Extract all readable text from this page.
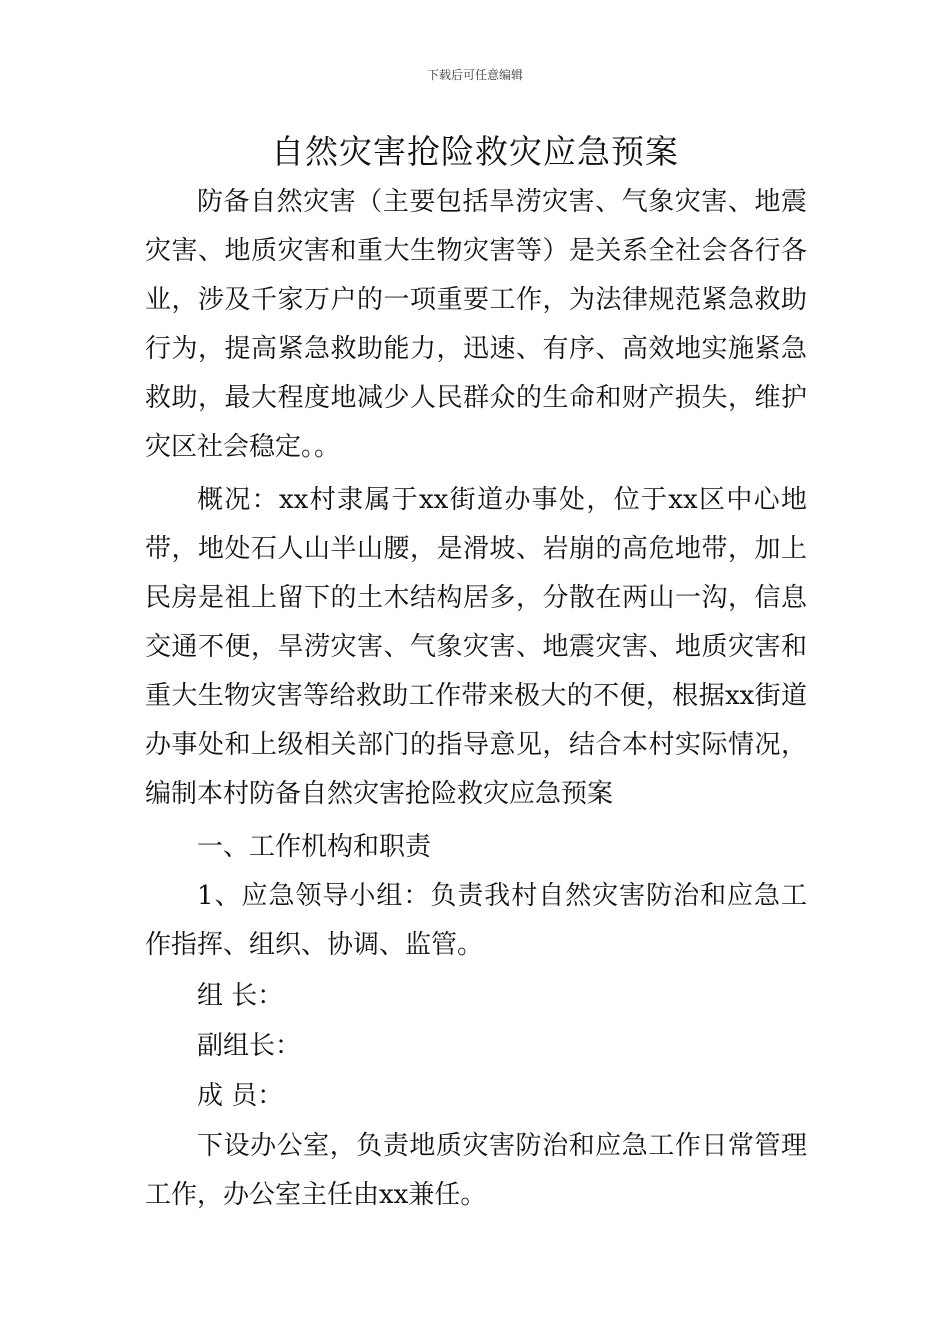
下载后可任意编辑
自然灾害抢险救灾应急预案

防备自然灾害（主要包括旱涝灾害、气象灾害、地震灾害、地质灾害和重大生物灾害等）是关系全社会各行各业，涉及千家万户的一项重要工作，为法律规范紧急救助行为，提高紧急救助能力，迅速、有序、高效地实施紧急救助，最大程度地减少人民群众的生命和财产损失，维护灾区社会稳定。。

概况：xx村隶属于xx街道办事处，位于xx区中心地带，地处石人山半山腰，是滑坡、岩崩的高危地带，加上民房是祖上留下的土木结构居多，分散在两山一沟，信息交通不便，旱涝灾害、气象灾害、地震灾害、地质灾害和重大生物灾害等给救助工作带来极大的不便，根据xx街道办事处和上级相关部门的指导意见，结合本村实际情况，编制本村防备自然灾害抢险救灾应急预案

一、工作机构和职责

1、应急领导小组：负责我村自然灾害防治和应急工作指挥、组织、协调、监管。

组 长：

副组长：

成 员：

下设办公室，负责地质灾害防治和应急工作日常管理工作，办公室主任由xx兼任。
